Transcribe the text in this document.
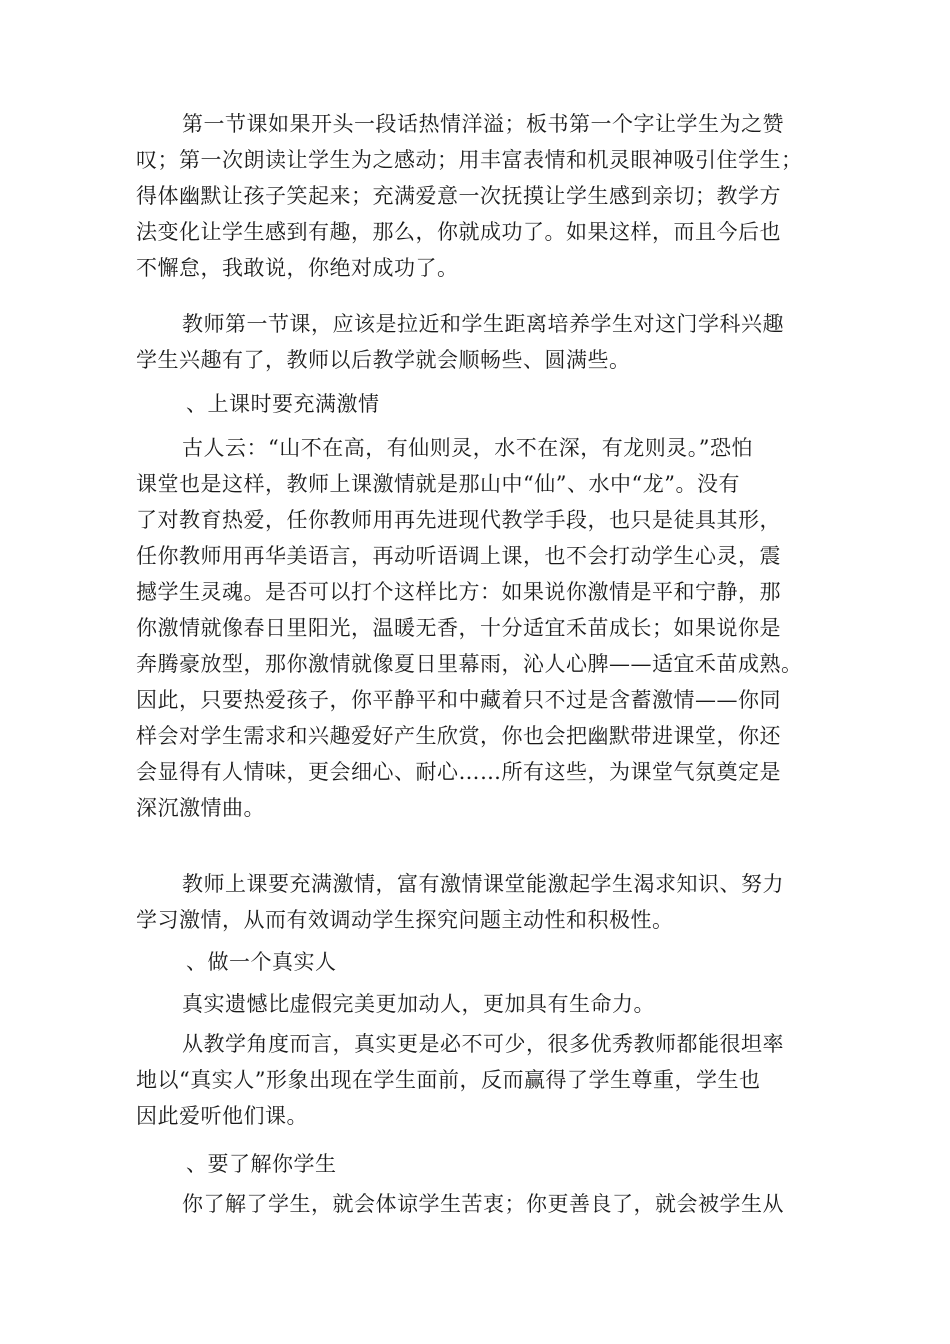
第一节课如果开头一段话热情洋溢；板书第一个字让学生为之赞
叹；第一次朗读让学生为之感动；用丰富表情和机灵眼神吸引住学生；
得体幽默让孩子笑起来；充满爱意一次抚摸让学生感到亲切；教学方
法变化让学生感到有趣，那么，你就成功了。如果这样，而且今后也
不懈怠，我敢说，你绝对成功了。
教师第一节课，应该是拉近和学生距离培养学生对这门学科兴趣
学生兴趣有了，教师以后教学就会顺畅些、圆满些。
、上课时要充满激情
古人云：“山不在高，有仙则灵，水不在深，有龙则灵。”恐怕
课堂也是这样，教师上课激情就是那山中“仙”、水中“龙”。没有
了对教育热爱，任你教师用再先进现代教学手段，也只是徒具其形，
任你教师用再华美语言，再动听语调上课，也不会打动学生心灵，震
撼学生灵魂。是否可以打个这样比方：如果说你激情是平和宁静，那
你激情就像春日里阳光，温暖无香，十分适宜禾苗成长；如果说你是
奔腾豪放型，那你激情就像夏日里幕雨，沁人心脾——适宜禾苗成熟。
因此，只要热爱孩子，你平静平和中藏着只不过是含蓄激情——你同
样会对学生需求和兴趣爱好产生欣赏，你也会把幽默带进课堂，你还
会显得有人情味，更会细心、耐心……所有这些，为课堂气氛奠定是
深沉激情曲。
教师上课要充满激情，富有激情课堂能激起学生渴求知识、努力
学习激情，从而有效调动学生探究问题主动性和积极性。
、做一个真实人
真实遗憾比虚假完美更加动人，更加具有生命力。
从教学角度而言，真实更是必不可少，很多优秀教师都能很坦率
地以“真实人”形象出现在学生面前，反而赢得了学生尊重，学生也
因此爱听他们课。
、要了解你学生
你了解了学生，就会体谅学生苦衷；你更善良了，就会被学生从
